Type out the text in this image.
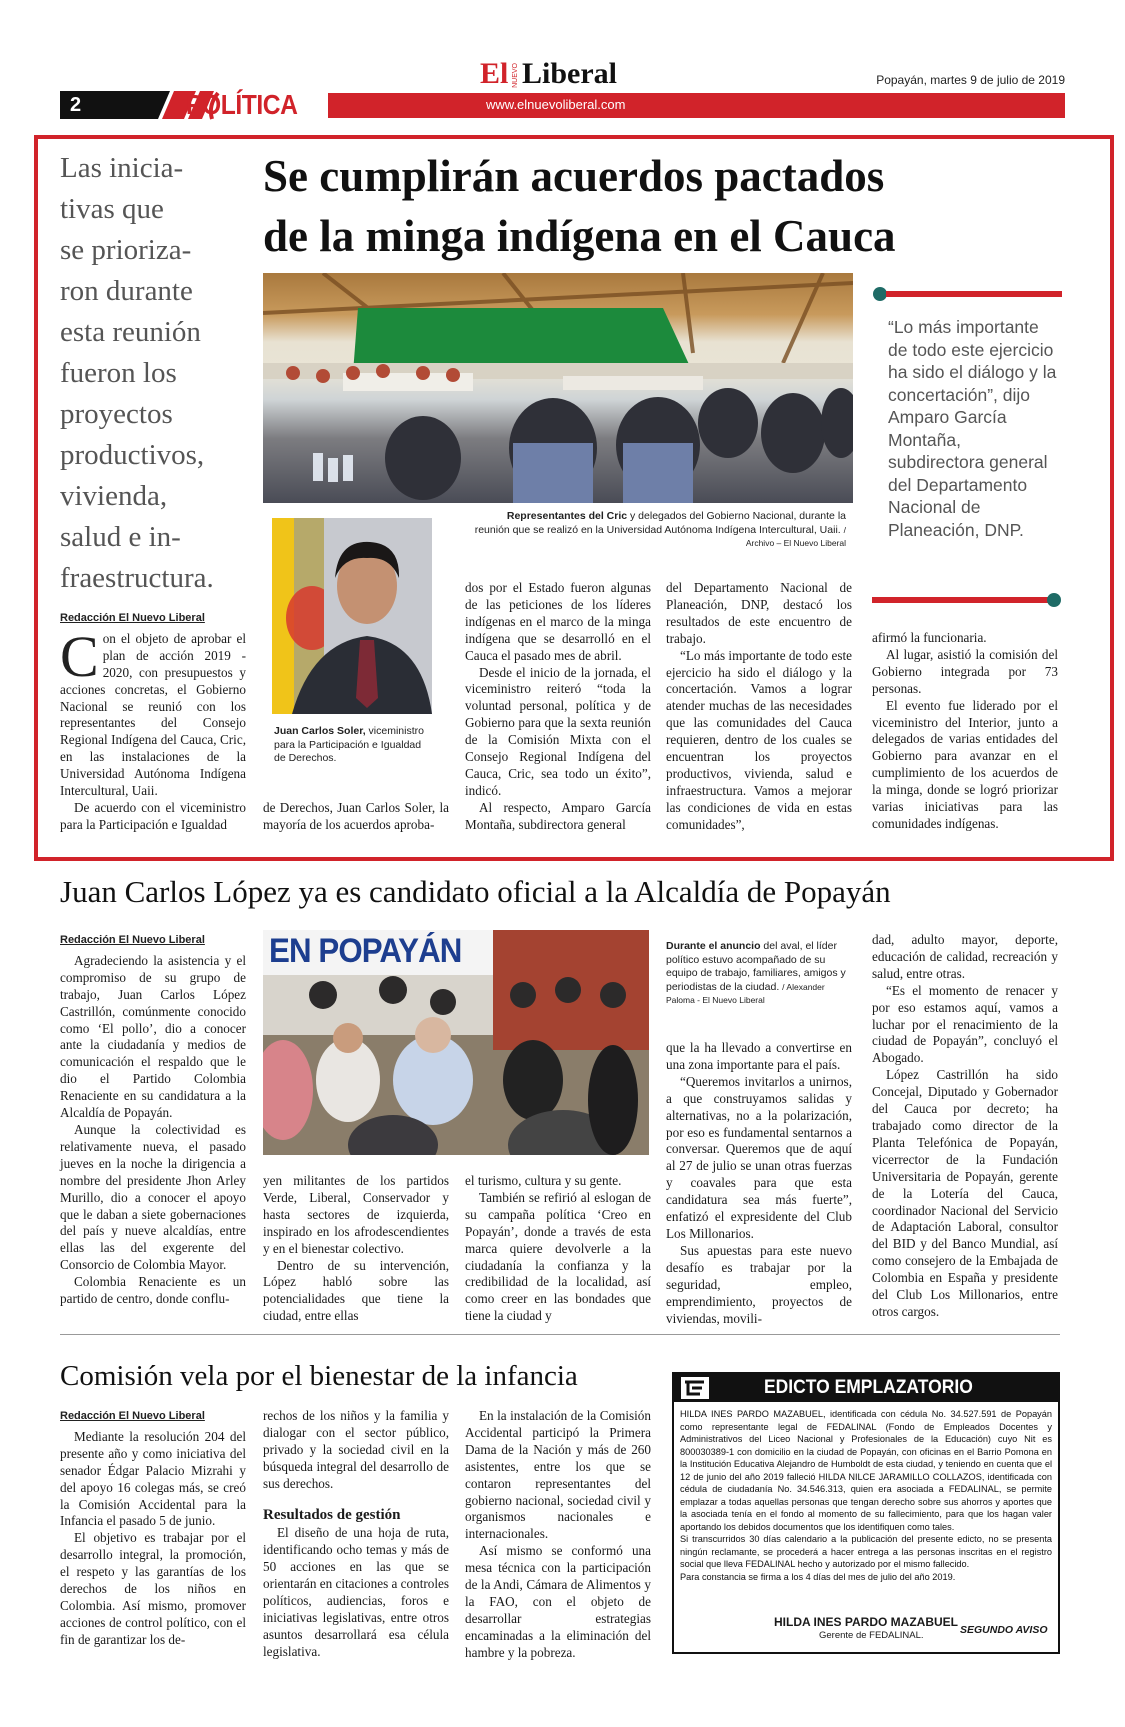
2	POLÍTICA
El NUEVO Liberal
www.elnuevoliberal.com
Popayán, martes 9 de julio de 2019
Se cumplirán acuerdos pactados
de la minga indígena en el Cauca
Las inicia-
tivas que
se prioriza-
ron durante
esta reunión
fueron los
proyectos
productivos,
vivienda,
salud e in-
fraestructura.
Representantes del Cric y delegados del Gobierno Nacional, durante la reunión que se realizó en la Universidad Autónoma Indígena Intercultural, Uaii. / Archivo – El Nuevo Liberal
Juan Carlos Soler, viceministro para la Participación e Igualdad de Derechos.
Redacción El Nuevo Liberal

Con el objeto de aprobar el plan de acción 2019 - 2020, con presupuestos y acciones concretas, el Gobierno Nacional se reunió con los representantes del Consejo Regional Indígena del Cauca, Cric, en las instalaciones de la Universidad Autónoma Indígena Intercultural, Uaii.

De acuerdo con el viceministro para la Participación e Igualdad

de Derechos, Juan Carlos Soler, la mayoría de los acuerdos aproba-

dos por el Estado fueron algunas de las peticiones de los líderes indígenas en el marco de la minga indígena que se desarrolló en el Cauca el pasado mes de abril.

Desde el inicio de la jornada, el viceministro reiteró “toda la voluntad personal, política y de Gobierno para que la sexta reunión de la Comisión Mixta con el Consejo Regional Indígena del Cauca, Cric, sea todo un éxito”, indicó.

Al respecto, Amparo García Montaña, subdirectora general

del Departamento Nacional de Planeación, DNP, destacó los resultados de este encuentro de trabajo.

“Lo más importante de todo este ejercicio ha sido el diálogo y la concertación. Vamos a lograr atender muchas de las necesidades que las comunidades del Cauca requieren, dentro de los cuales se encuentran los proyectos productivos, vivienda, salud e infraestructura. Vamos a mejorar las condiciones de vida en estas comunidades”,

afirmó la funcionaria.

Al lugar, asistió la comisión del Gobierno integrada por 73 personas.

El evento fue liderado por el viceministro del Interior, junto a delegados de varias entidades del Gobierno para avanzar en el cumplimiento de los acuerdos de la minga, donde se logró priorizar varias iniciativas para las comunidades indígenas.

“Lo más importante de todo este ejercicio ha sido el diálogo y la concertación”, dijo Amparo García Montaña, subdirectora general del Departamento Nacional de Planeación, DNP.
Juan Carlos López ya es candidato oficial a la Alcaldía de Popayán
EN POPAYÁN	Durante el anuncio del aval, el líder político estuvo acompañado de su equipo de trabajo, familiares, amigos y periodistas de la ciudad. / Alexander Paloma - El Nuevo Liberal
Redacción El Nuevo Liberal

Agradeciendo la asistencia y el compromiso de su grupo de trabajo, Juan Carlos López Castrillón, comúnmente conocido como ‘El pollo’, dio a conocer ante la ciudadanía y medios de comunicación el respaldo que le dio el Partido Colombia Renaciente en su candidatura a la Alcaldía de Popayán.

Aunque la colectividad es relativamente nueva, el pasado jueves en la noche la dirigencia a nombre del presidente Jhon Arley Murillo, dio a conocer el apoyo que le daban a siete gobernaciones del país y nueve alcaldías, entre ellas las del exgerente del Consorcio de Colombia Mayor.

Colombia Renaciente es un partido de centro, donde conflu-

yen militantes de los partidos Verde, Liberal, Conservador y hasta sectores de izquierda, inspirado en los afrodescendientes y en el bienestar colectivo.

Dentro de su intervención, López habló sobre las potencialidades que tiene la ciudad, entre ellas

el turismo, cultura y su gente.

También se refirió al eslogan de su campaña política ‘Creo en Popayán’, donde a través de esta marca quiere devolverle a la ciudadanía la confianza y la credibilidad de la localidad, así como creer en las bondades que tiene la ciudad y

que la ha llevado a convertirse en una zona importante para el país.

“Queremos invitarlos a unirnos, a que construyamos salidas y alternativas, no a la polarización, por eso es fundamental sentarnos a conversar. Queremos que de aquí al 27 de julio se unan otras fuerzas y coavales para que esta candidatura sea más fuerte”, enfatizó el expresidente del Club Los Millonarios.

Sus apuestas para este nuevo desafío es trabajar por la seguridad, empleo, emprendimiento, proyectos de viviendas, movili-

dad, adulto mayor, deporte, educación de calidad, recreación y salud, entre otras.

“Es el momento de renacer y por eso estamos aquí, vamos a luchar por el renacimiento de la ciudad de Popayán”, concluyó el Abogado.

López Castrillón ha sido Concejal, Diputado y Gobernador del Cauca por decreto; ha trabajado como director de la Planta Telefónica de Popayán, vicerrector de la Fundación Universitaria de Popayán, gerente de la Lotería del Cauca, coordinador Nacional del Servicio de Adaptación Laboral, consultor del BID y del Banco Mundial, así como consejero de la Embajada de Colombia en España y presidente del Club Los Millonarios, entre otros cargos.

Comisión vela por el bienestar de la infancia
Redacción El Nuevo Liberal

Mediante la resolución 204 del presente año y como iniciativa del senador Édgar Palacio Mizrahi y del apoyo 16 colegas más, se creó la Comisión Accidental para la Infancia el pasado 5 de junio.

El objetivo es trabajar por el desarrollo integral, la promoción, el respeto y las garantías de los derechos de los niños en Colombia. Así mismo, promover acciones de control político, con el fin de garantizar los de-

rechos de los niños y la familia y dialogar con el sector público, privado y la sociedad civil en la búsqueda integral del desarrollo de sus derechos.

Resultados de gestión

El diseño de una hoja de ruta, identificando ocho temas y más de 50 acciones en las que se orientarán en citaciones a controles políticos, audiencias, foros e iniciativas legislativas, entre otros asuntos desarrollará esa célula legislativa.

En la instalación de la Comisión Accidental participó la Primera Dama de la Nación y más de 260 asistentes, entre los que se contaron representantes del gobierno nacional, sociedad civil y organismos nacionales e internacionales.

Así mismo se conformó una mesa técnica con la participación de la Andi, Cámara de Alimentos y la FAO, con el objeto de desarrollar estrategias encaminadas a la eliminación del hambre y la pobreza.

EDICTO EMPLAZATORIO
HILDA INES PARDO MAZABUEL, identificada con cédula No. 34.527.591 de Popayán como representante legal de FEDALINAL (Fondo de Empleados Docentes y Administrativos del Liceo Nacional y Profesionales de la Educación) cuyo Nit es 800030389-1 con domicilio en la ciudad de Popayán, con oficinas en el Barrio Pomona en la Institución Educativa Alejandro de Humboldt de esta ciudad, y teniendo en cuenta que el 12 de junio del año 2019 falleció HILDA NILCE JARAMILLO COLLAZOS, identificada con cédula de ciudadanía No. 34.546.313, quien era asociada a FEDALINAL, se permite emplazar a todas aquellas personas que tengan derecho sobre sus ahorros y aportes que la asociada tenía en el fondo al momento de su fallecimiento, para que los hagan valer aportando los debidos documentos que los identifiquen como tales.
Si transcurridos 30 días calendario a la publicación del presente edicto, no se presenta ningún reclamante, se procederá a hacer entrega a las personas inscritas en el registro social que lleva FEDALINAL hecho y autorizado por el mismo fallecido.
Para constancia se firma a los 4 días del mes de julio del año 2019.
HILDA INES PARDO MAZABUEL
Gerente de FEDALINAL.	SEGUNDO AVISO
